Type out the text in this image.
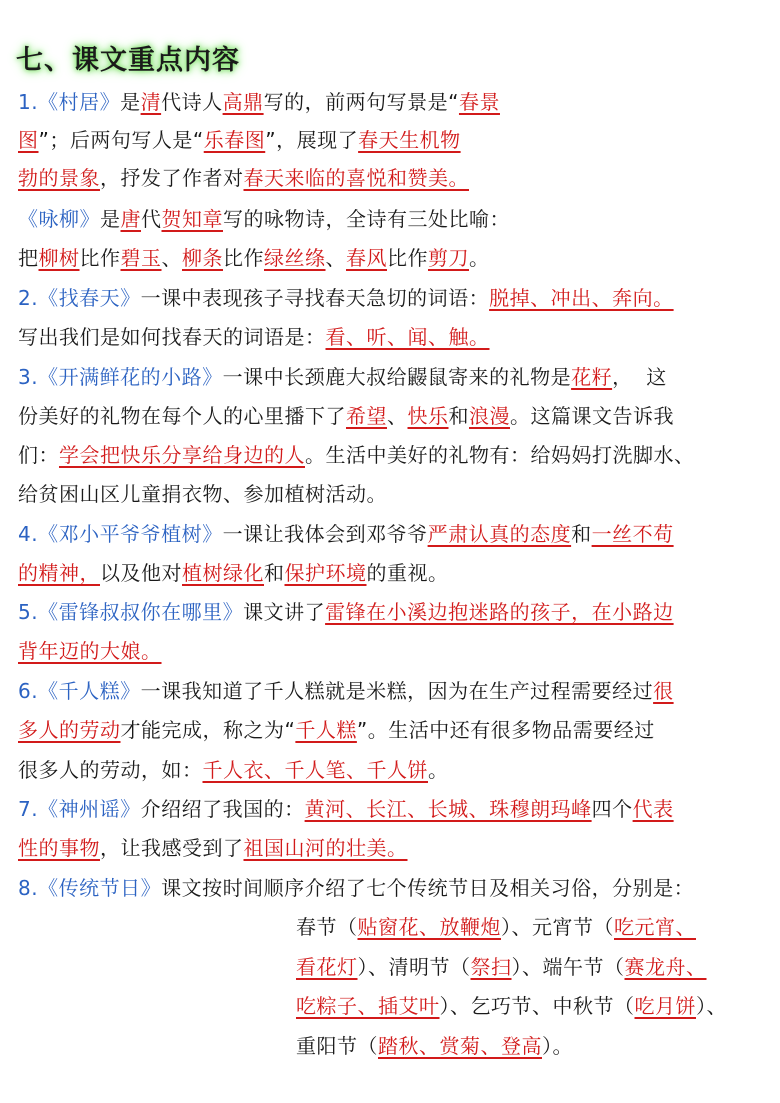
七、课文重点内容
1.《村居》是清代诗人高鼎写的，前两句写景是“春景
图”；后两句写人是“乐春图”，展现了春天生机物
勃的景象，抒发了作者对春天来临的喜悦和赞美。
《咏柳》是唐代贺知章写的咏物诗，全诗有三处比喻：
把柳树比作碧玉、柳条比作绿丝绦、春风比作剪刀。
2.《找春天》一课中表现孩子寻找春天急切的词语：脱掉、冲出、奔向。
写出我们是如何找春天的词语是：看、听、闻、触。
3.《开满鲜花的小路》一课中长颈鹿大叔给鼹鼠寄来的礼物是花籽，  这
份美好的礼物在每个人的心里播下了希望、快乐和浪漫。这篇课文告诉我
们：学会把快乐分享给身边的人。生活中美好的礼物有：给妈妈打洗脚水、
给贫困山区儿童捐衣物、参加植树活动。
4.《邓小平爷爷植树》一课让我体会到邓爷爷严肃认真的态度和一丝不苟
的精神，以及他对植树绿化和保护环境的重视。
5.《雷锋叔叔你在哪里》课文讲了雷锋在小溪边抱迷路的孩子，在小路边
背年迈的大娘。
6.《千人糕》一课我知道了千人糕就是米糕，因为在生产过程需要经过很
多人的劳动才能完成，称之为“千人糕”。生活中还有很多物品需要经过
很多人的劳动，如：千人衣、千人笔、千人饼。
7.《神州谣》介绍绍了我国的：黄河、长江、长城、珠穆朗玛峰四个代表
性的事物，让我感受到了祖国山河的壮美。
8.《传统节日》课文按时间顺序介绍了七个传统节日及相关习俗，分别是：
春节（贴窗花、放鞭炮）、元宵节（吃元宵、
看花灯）、清明节（祭扫）、端午节（赛龙舟、
吃粽子、插艾叶）、乞巧节、中秋节（吃月饼）、
重阳节（踏秋、赏菊、登高）。
